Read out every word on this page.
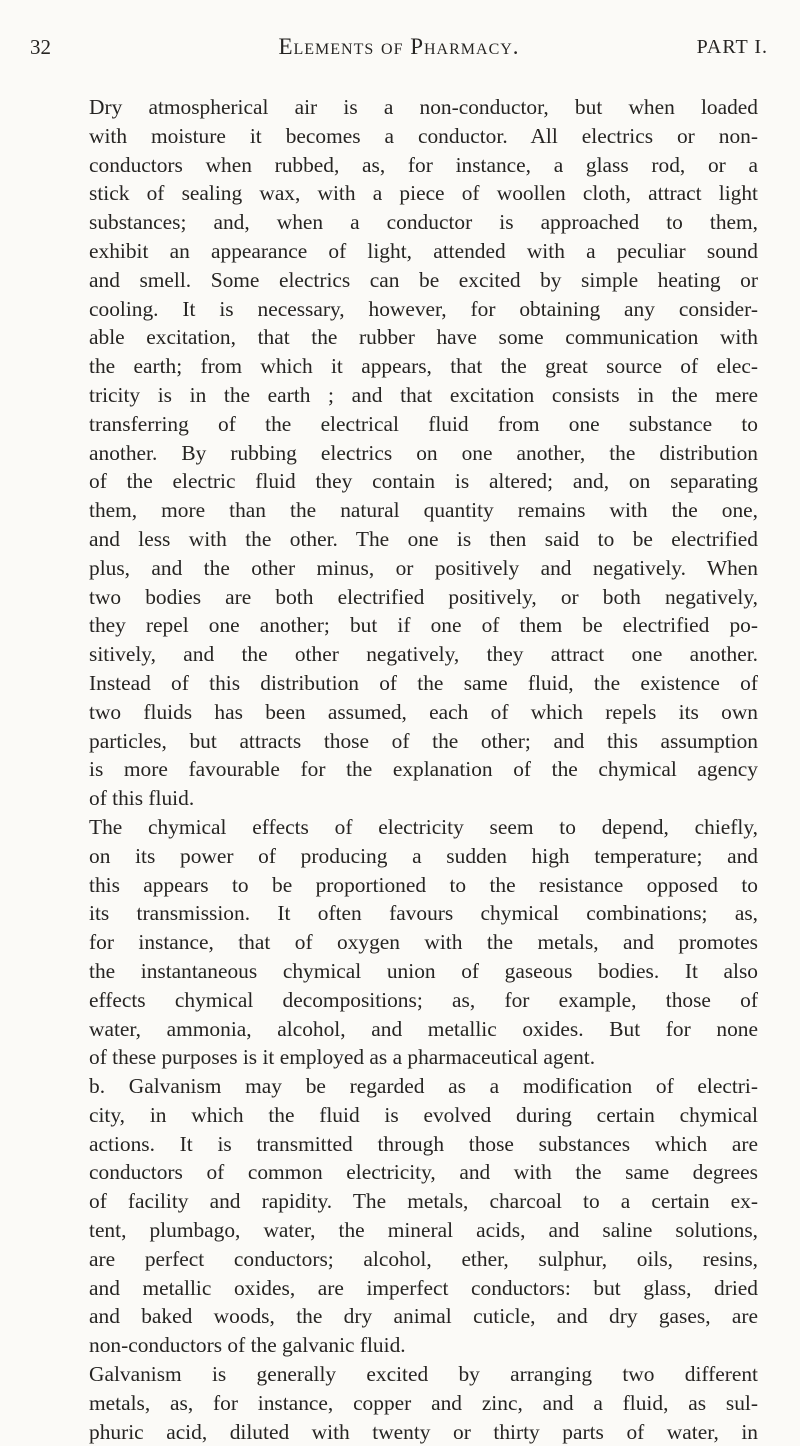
32	Elements of Pharmacy.	PART I.
Dry atmospherical air is a non-conductor, but when loaded
with moisture it becomes a conductor. All electrics or non-
conductors when rubbed, as, for instance, a glass rod, or a
stick of sealing wax, with a piece of woollen cloth, attract light
substances; and, when a conductor is approached to them,
exhibit an appearance of light, attended with a peculiar sound
and smell. Some electrics can be excited by simple heating or
cooling. It is necessary, however, for obtaining any consider-
able excitation, that the rubber have some communication with
the earth; from which it appears, that the great source of elec-
tricity is in the earth ; and that excitation consists in the mere
transferring of the electrical fluid from one substance to
another. By rubbing electrics on one another, the distribution
of the electric fluid they contain is altered; and, on separating
them, more than the natural quantity remains with the one,
and less with the other. The one is then said to be electrified
plus, and the other minus, or positively and negatively. When
two bodies are both electrified positively, or both negatively,
they repel one another; but if one of them be electrified po-
sitively, and the other negatively, they attract one another.
Instead of this distribution of the same fluid, the existence of
two fluids has been assumed, each of which repels its own
particles, but attracts those of the other; and this assumption
is more favourable for the explanation of the chymical agency
of this fluid.
The chymical effects of electricity seem to depend, chiefly,
on its power of producing a sudden high temperature; and
this appears to be proportioned to the resistance opposed to
its transmission. It often favours chymical combinations; as,
for instance, that of oxygen with the metals, and promotes
the instantaneous chymical union of gaseous bodies. It also
effects chymical decompositions; as, for example, those of
water, ammonia, alcohol, and metallic oxides. But for none
of these purposes is it employed as a pharmaceutical agent.
b. Galvanism may be regarded as a modification of electri-
city, in which the fluid is evolved during certain chymical
actions. It is transmitted through those substances which are
conductors of common electricity, and with the same degrees
of facility and rapidity. The metals, charcoal to a certain ex-
tent, plumbago, water, the mineral acids, and saline solutions,
are perfect conductors; alcohol, ether, sulphur, oils, resins,
and metallic oxides, are imperfect conductors: but glass, dried
and baked woods, the dry animal cuticle, and dry gases, are
non-conductors of the galvanic fluid.
Galvanism is generally excited by arranging two different
metals, as, for instance, copper and zinc, and a fluid, as sul-
phuric acid, diluted with twenty or thirty parts of water, in
